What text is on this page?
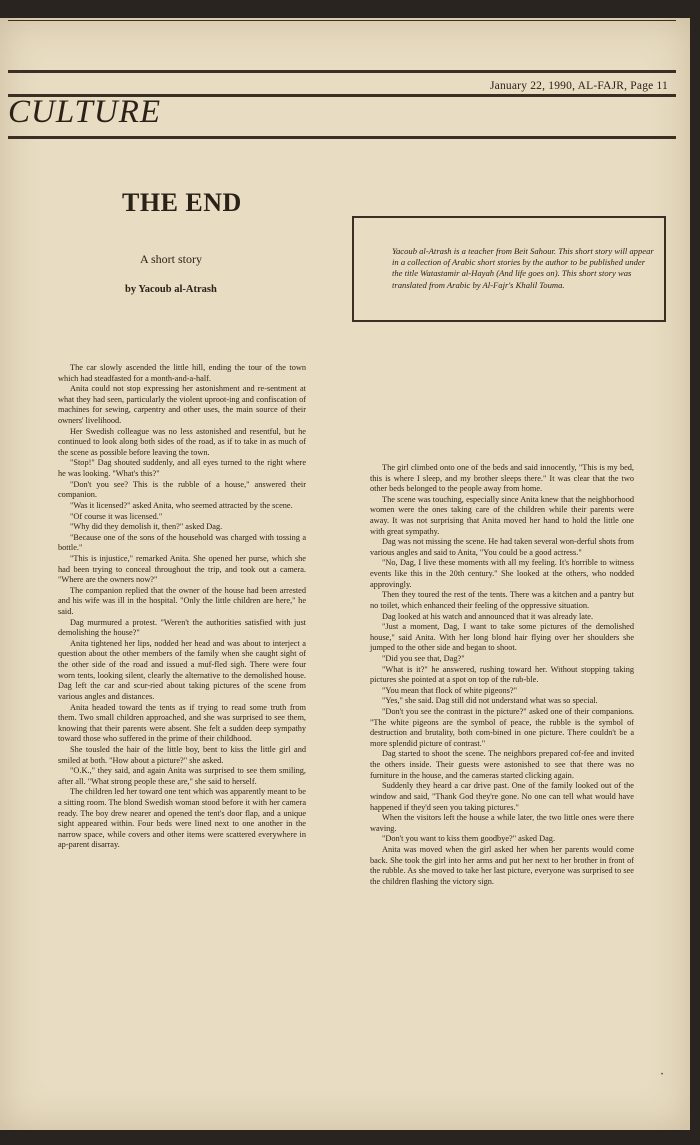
January 22, 1990, AL-FAJR, Page 11
CULTURE
THE END
A short story
by Yacoub al-Atrash
Yacoub al-Atrash is a teacher from Beit Sahour. This short story will appear in a collection of Arabic short stories by the author to be published under the title Watastamir al-Hayah (And life goes on). This short story was translated from Arabic by Al-Fajr's Khalil Touma.

The car slowly ascended the little hill, ending the tour of the town which had steadfasted for a month-and-a-half.

Anita could not stop expressing her astonishment and re-sentment at what they had seen, particularly the violent uproot-ing and confiscation of machines for sewing, carpentry and other uses, the main source of their owners' livelihood.

Her Swedish colleague was no less astonished and resentful, but he continued to look along both sides of the road, as if to take in as much of the scene as possible before leaving the town.

"Stop!" Dag shouted suddenly, and all eyes turned to the right where he was looking. "What's this?"

"Don't you see? This is the rubble of a house," answered their companion.

"Was it licensed?" asked Anita, who seemed attracted by the scene.

"Of course it was licensed."

"Why did they demolish it, then?" asked Dag.

"Because one of the sons of the household was charged with tossing a bottle."

"This is injustice," remarked Anita. She opened her purse, which she had been trying to conceal throughout the trip, and took out a camera. "Where are the owners now?"

The companion replied that the owner of the house had been arrested and his wife was ill in the hospital. "Only the little children are here," he said.

Dag murmured a protest. "Weren't the authorities satisfied with just demolishing the house?"

Anita tightened her lips, nodded her head and was about to interject a question about the other members of the family when she caught sight of the other side of the road and issued a muf-fled sigh. There were four worn tents, looking silent, clearly the alternative to the demolished house. Dag left the car and scur-ried about taking pictures of the scene from various angles and distances.

Anita headed toward the tents as if trying to read some truth from them. Two small children approached, and she was surprised to see them, knowing that their parents were absent. She felt a sudden deep sympathy toward those who suffered in the prime of their childhood.

She tousled the hair of the little boy, bent to kiss the little girl and smiled at both. "How about a picture?" she asked.

"O.K.," they said, and again Anita was surprised to see them smiling, after all. "What strong people these are," she said to herself.

The children led her toward one tent which was apparently meant to be a sitting room. The blond Swedish woman stood before it with her camera ready. The boy drew nearer and opened the tent's door flap, and a unique sight appeared within. Four beds were lined next to one another in the narrow space, while covers and other items were scattered everywhere in ap-parent disarray.

The girl climbed onto one of the beds and said innocently, "This is my bed, this is where I sleep, and my brother sleeps there." It was clear that the two other beds belonged to the people away from home.

The scene was touching, especially since Anita knew that the neighborhood women were the ones taking care of the children while their parents were away. It was not surprising that Anita moved her hand to hold the little one with great sympathy.

Dag was not missing the scene. He had taken several won-derful shots from various angles and said to Anita, "You could be a good actress."

"No, Dag, I live these moments with all my feeling. It's horrible to witness events like this in the 20th century." She looked at the others, who nodded approvingly.

Then they toured the rest of the tents. There was a kitchen and a pantry but no toilet, which enhanced their feeling of the oppressive situation.

Dag looked at his watch and announced that it was already late.

"Just a moment, Dag, I want to take some pictures of the demolished house," said Anita. With her long blond hair flying over her shoulders she jumped to the other side and began to shoot.

"Did you see that, Dag?"

"What is it?" he answered, rushing toward her. Without stopping taking pictures she pointed at a spot on top of the rub-ble.

"You mean that flock of white pigeons?"

"Yes," she said. Dag still did not understand what was so special.

"Don't you see the contrast in the picture?" asked one of their companions. "The white pigeons are the symbol of peace, the rubble is the symbol of destruction and brutality, both com-bined in one picture. There couldn't be a more splendid picture of contrast."

Dag started to shoot the scene. The neighbors prepared cof-fee and invited the others inside. Their guests were astonished to see that there was no furniture in the house, and the cameras started clicking again.

Suddenly they heard a car drive past. One of the family looked out of the window and said, "Thank God they're gone. No one can tell what would have happened if they'd seen you taking pictures."

When the visitors left the house a while later, the two little ones were there waving.

"Don't you want to kiss them goodbye?" asked Dag.

Anita was moved when the girl asked her when her parents would come back. She took the girl into her arms and put her next to her brother in front of the rubble. As she moved to take her last picture, everyone was surprised to see the children flashing the victory sign.

‧
